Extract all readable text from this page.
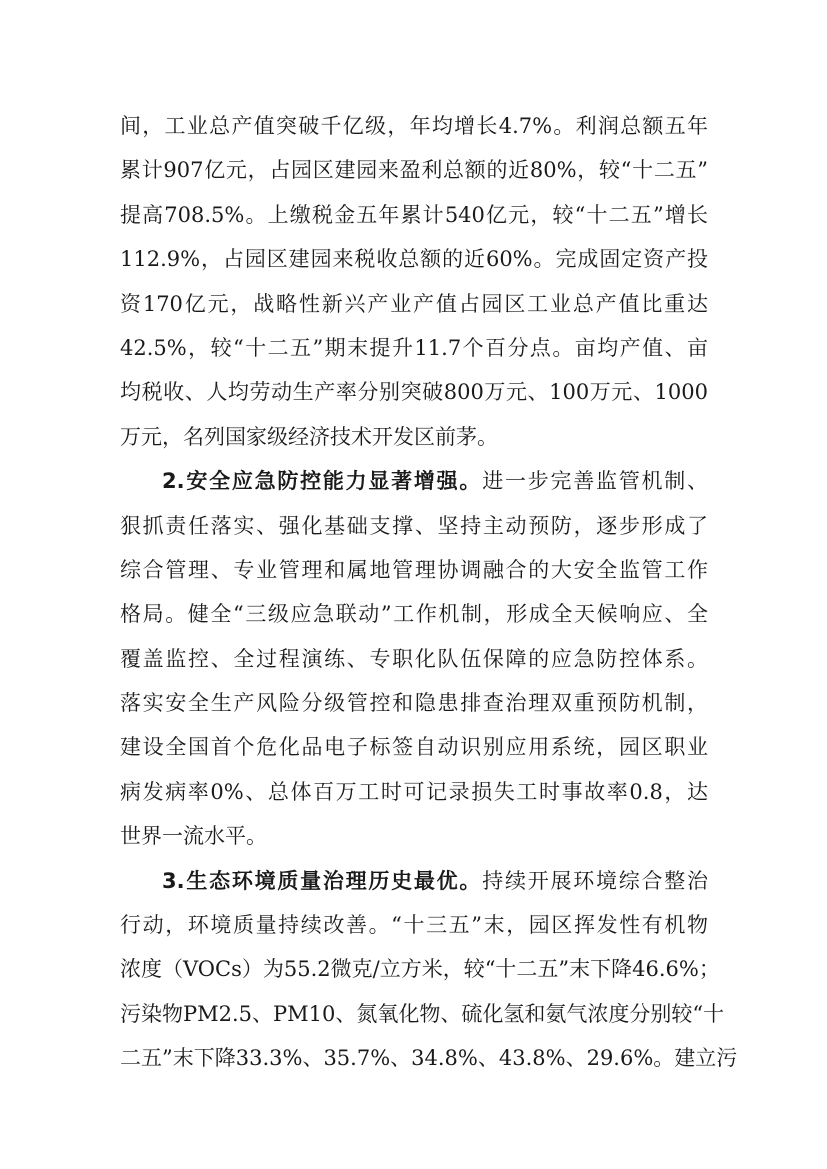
间，工业总产值突破千亿级，年均增长4.7%。利润总额五年
累计907亿元，占园区建园来盈利总额的近80%，较“十二五”
提高708.5%。上缴税金五年累计540亿元，较“十二五”增长
112.9%，占园区建园来税收总额的近60%。完成固定资产投
资170亿元，战略性新兴产业产值占园区工业总产值比重达
42.5%，较“十二五”期末提升11.7个百分点。亩均产值、亩
均税收、人均劳动生产率分别突破800万元、100万元、1000
万元，名列国家级经济技术开发区前茅。
2.安全应急防控能力显著增强。进一步完善监管机制、
狠抓责任落实、强化基础支撑、坚持主动预防，逐步形成了
综合管理、专业管理和属地管理协调融合的大安全监管工作
格局。健全“三级应急联动”工作机制，形成全天候响应、全
覆盖监控、全过程演练、专职化队伍保障的应急防控体系。
落实安全生产风险分级管控和隐患排查治理双重预防机制，
建设全国首个危化品电子标签自动识别应用系统，园区职业
病发病率0%、总体百万工时可记录损失工时事故率0.8，达
世界一流水平。
3.生态环境质量治理历史最优。持续开展环境综合整治
行动，环境质量持续改善。“十三五”末，园区挥发性有机物
浓度（VOCs）为55.2微克/立方米，较“十二五”末下降46.6%；
污染物PM2.5、PM10、氮氧化物、硫化氢和氨气浓度分别较“十
二五”末下降33.3%、35.7%、34.8%、43.8%、29.6%。建立污
